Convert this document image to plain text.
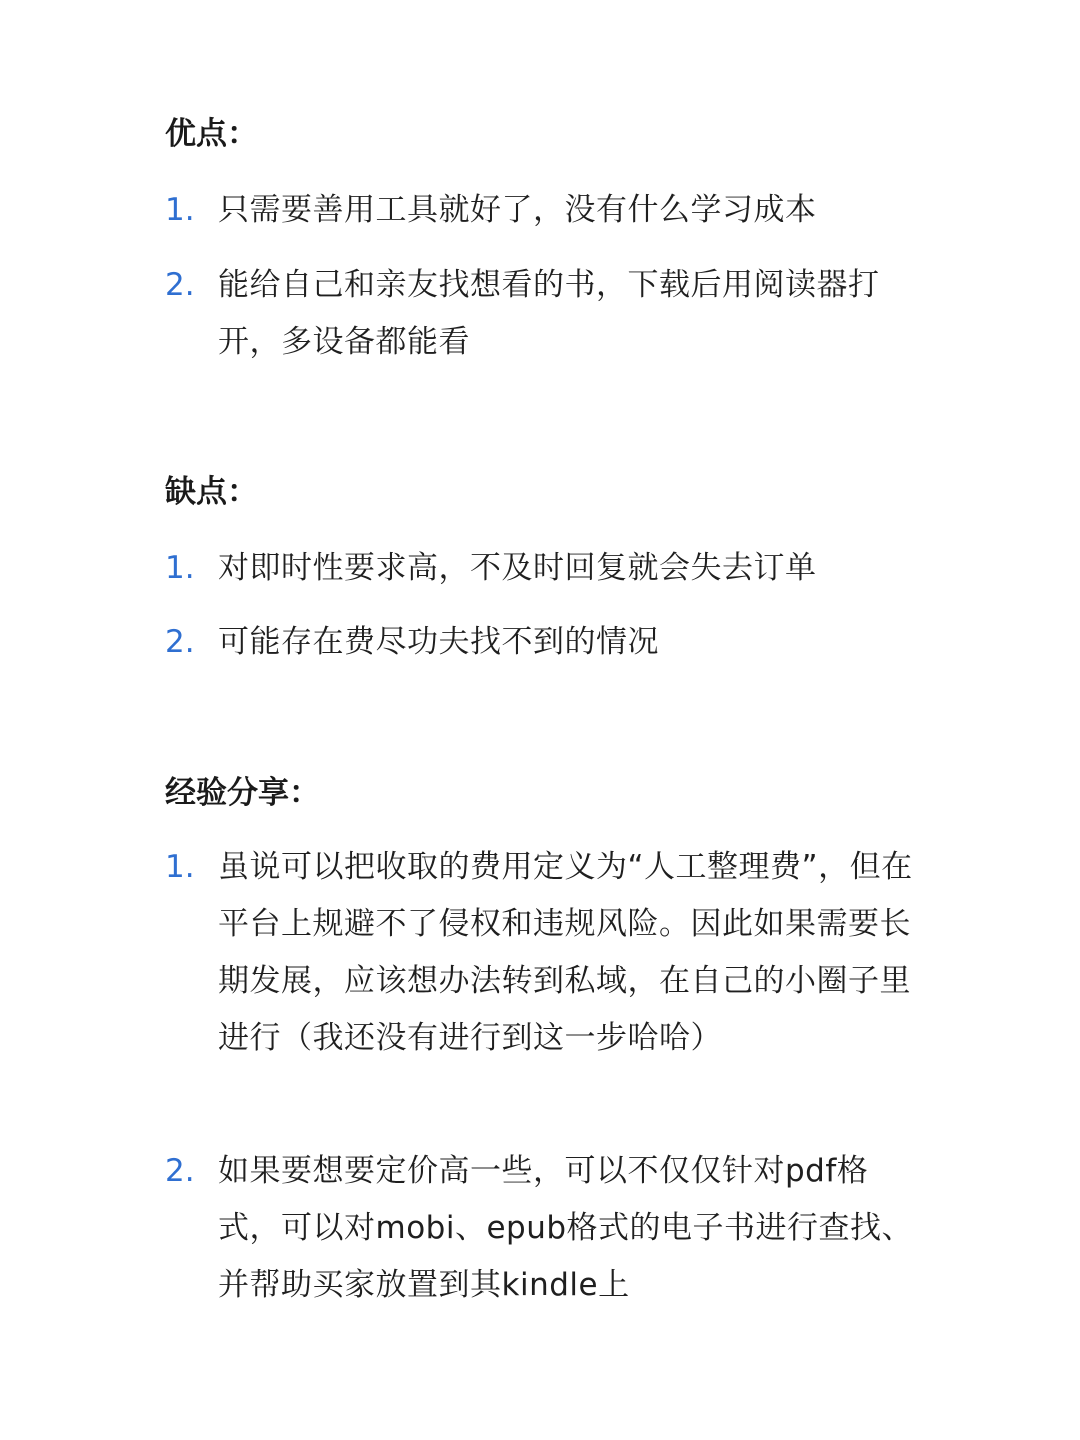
优点：
1. 只需要善用工具就好了，没有什么学习成本
2. 能给自己和亲友找想看的书，下载后用阅读器打开，多设备都能看
缺点：
1. 对即时性要求高，不及时回复就会失去订单
2. 可能存在费尽功夫找不到的情况
经验分享：
1. 虽说可以把收取的费用定义为“人工整理费”，但在平台上规避不了侵权和违规风险。因此如果需要长期发展，应该想办法转到私域，在自己的小圈子里进行（我还没有进行到这一步哈哈）
2. 如果要想要定价高一些，可以不仅仅针对pdf格式，可以对mobi、epub格式的电子书进行查找、并帮助买家放置到其kindle上
